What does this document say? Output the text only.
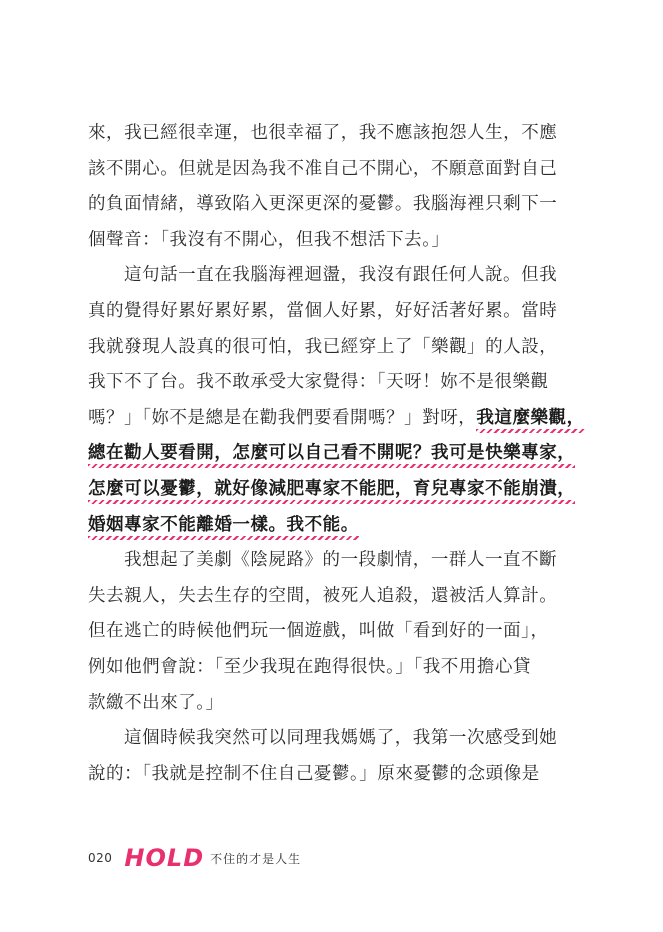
來，我已經很幸運，也很幸福了，我不應該抱怨人生，不應
該不開心。但就是因為我不准自己不開心，不願意面對自己
的負面情緒，導致陷入更深更深的憂鬱。我腦海裡只剩下一
個聲音：「我沒有不開心，但我不想活下去。」
這句話一直在我腦海裡迴盪，我沒有跟任何人說。但我
真的覺得好累好累好累，當個人好累，好好活著好累。當時
我就發現人設真的很可怕，我已經穿上了「樂觀」的人設，
我下不了台。我不敢承受大家覺得：「天呀！妳不是很樂觀
嗎？」「妳不是總是在勸我們要看開嗎？」對呀，我這麼樂觀，
總在勸人要看開，怎麼可以自己看不開呢？我可是快樂專家，
怎麼可以憂鬱，就好像減肥專家不能肥，育兒專家不能崩潰，
婚姻專家不能離婚一樣。我不能。
我想起了美劇《陰屍路》的一段劇情，一群人一直不斷
失去親人，失去生存的空間，被死人追殺，還被活人算計。
但在逃亡的時候他們玩一個遊戲，叫做「看到好的一面」，
例如他們會說：「至少我現在跑得很快。」「我不用擔心貸
款繳不出來了。」
這個時候我突然可以同理我媽媽了，我第一次感受到她
說的：「我就是控制不住自己憂鬱。」原來憂鬱的念頭像是
020 HOLD 不住的才是人生
